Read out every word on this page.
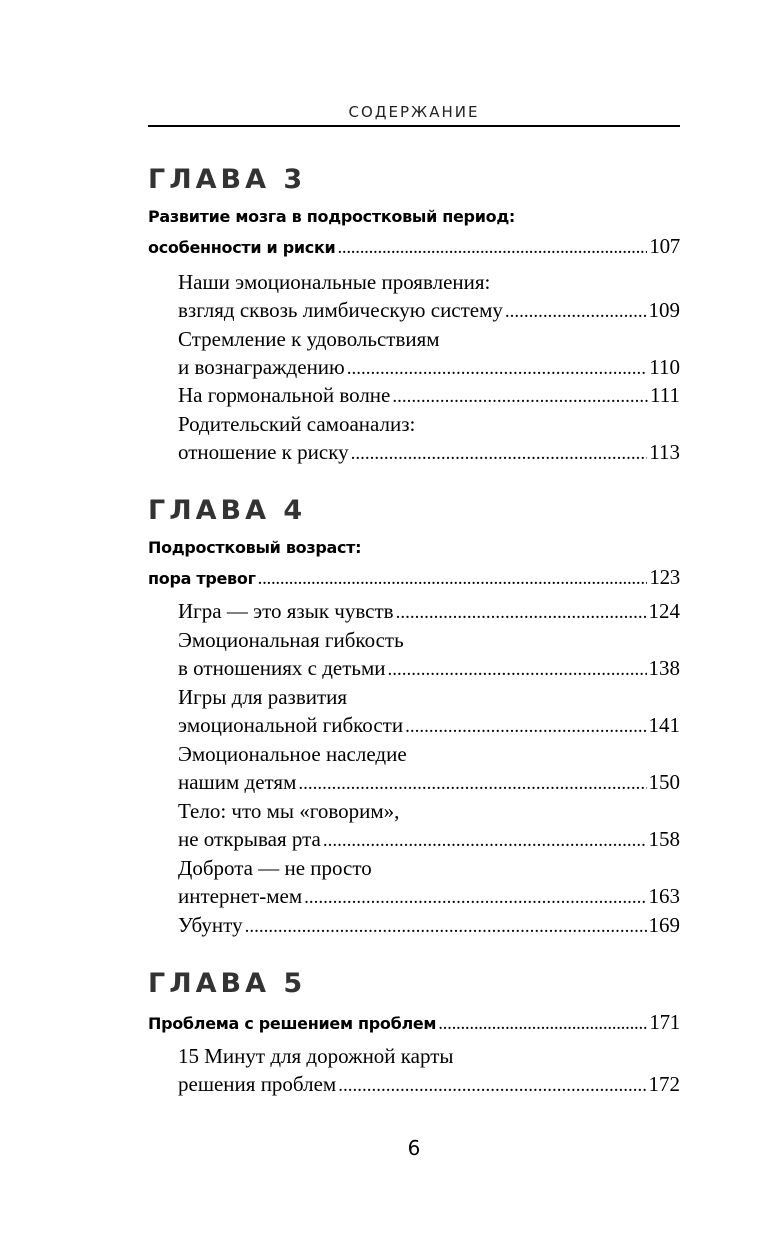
СОДЕРЖАНИЕ
ГЛАВА 3
Развитие мозга в подростковый период:
особенности и риски .....	107
Наши эмоциональные проявления:
взгляд сквозь лимбическую систему .....	109
Стремление к удовольствиям
и вознаграждению .....	110
На гормональной волне .....	111
Родительский самоанализ:
отношение к риску .....	113
ГЛАВА 4
Подростковый возраст:
пора тревог .....	123
Игра — это язык чувств .....	124
Эмоциональная гибкость
в отношениях с детьми .....	138
Игры для развития
эмоциональной гибкости .....	141
Эмоциональное наследие
нашим детям .....	150
Тело: что мы «говорим»,
не открывая рта .....	158
Доброта — не просто
интернет-мем .....	163
Убунту .....	169
ГЛАВА 5
Проблема с решением проблем .....	171
15 Минут для дорожной карты
решения проблем .....	172
6
